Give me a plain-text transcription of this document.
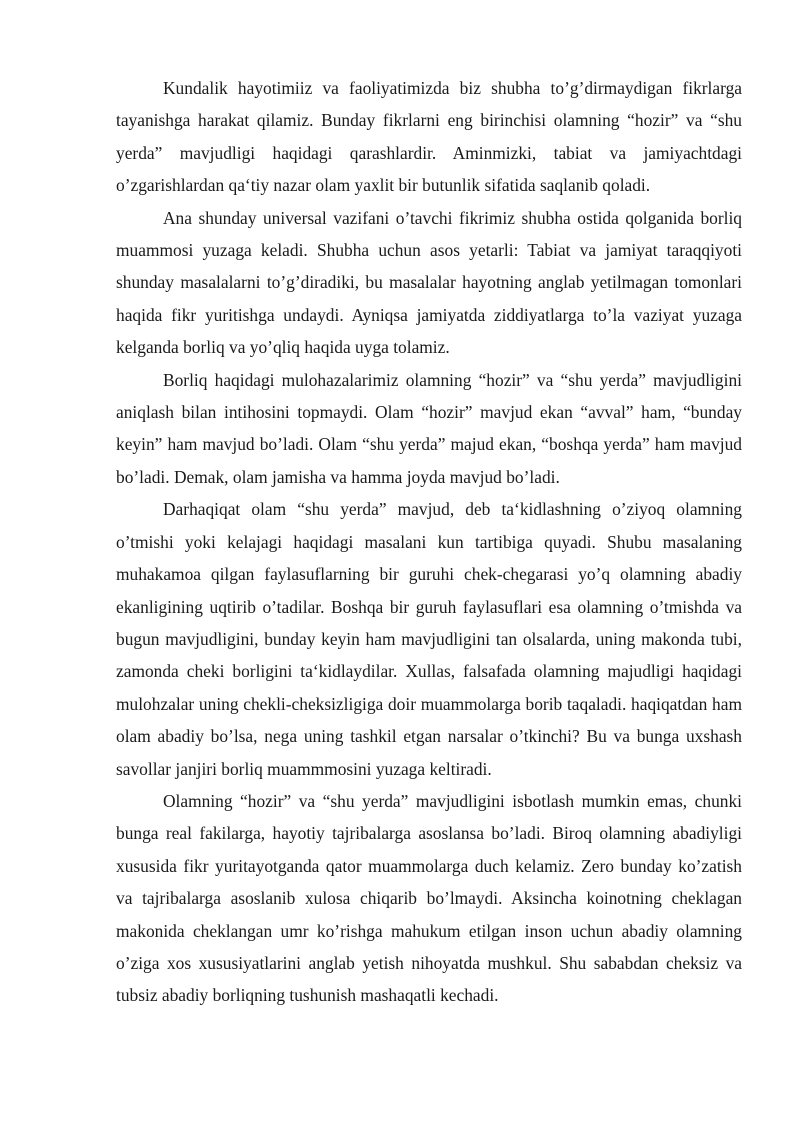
Kundalik hayotimiiz va faoliyatimizda biz shubha to’g’dirmaydigan fikrlarga tayanishga harakat qilamiz. Bunday fikrlarni eng birinchisi olamning “hozir” va “shu yerda” mavjudligi haqidagi qarashlardir. Aminmizki, tabiat va jamiyachtdagi o’zgarishlardan qa‘tiy nazar olam yaxlit bir butunlik sifatida saqlanib qoladi.

Ana shunday universal vazifani o’tavchi fikrimiz shubha ostida qolganida borliq muammosi yuzaga keladi. Shubha uchun asos yetarli: Tabiat va jamiyat taraqqiyoti shunday masalalarni to’g’diradiki, bu masalalar hayotning anglab yetilmagan tomonlari haqida fikr yuritishga undaydi. Ayniqsa jamiyatda ziddiyatlarga to’la vaziyat yuzaga kelganda borliq va yo’qliq haqida uyga tolamiz.

Borliq haqidagi mulohazalarimiz olamning “hozir” va “shu yerda” mavjudligini aniqlash bilan intihosini topmaydi. Olam “hozir” mavjud ekan “avval” ham, “bunday keyin” ham mavjud bo’ladi. Olam “shu yerda” majud ekan, “boshqa yerda” ham mavjud bo’ladi. Demak, olam jamisha va hamma joyda mavjud bo’ladi.

Darhaqiqat olam “shu yerda” mavjud, deb ta‘kidlashning o’ziyoq olamning o’tmishi yoki kelajagi haqidagi masalani kun tartibiga quyadi. Shubu masalaning muhakamoa qilgan faylasuflarning bir guruhi chek-chegarasi yo’q olamning abadiy ekanligining uqtirib o’tadilar. Boshqa bir guruh faylasuflari esa olamning o’tmishda va bugun mavjudligini, bunday keyin ham mavjudligini tan olsalarda, uning makonda tubi, zamonda cheki borligini ta‘kidlaydilar. Xullas, falsafada olamning majudligi haqidagi mulohzalar uning chekli-cheksizligiga doir muammolarga borib taqaladi. haqiqatdan ham olam abadiy bo’lsa, nega uning tashkil etgan narsalar o’tkinchi? Bu va bunga uxshash savollar janjiri borliq muammmosini yuzaga keltiradi.

Olamning “hozir” va “shu yerda” mavjudligini isbotlash mumkin emas, chunki bunga real fakilarga, hayotiy tajribalarga asoslansa bo’ladi. Biroq olamning abadiyligi xususida fikr yuritayotganda qator muammolarga duch kelamiz. Zero bunday ko’zatish va tajribalarga asoslanib xulosa chiqarib bo’lmaydi. Aksincha koinotning cheklagan makonida cheklangan umr ko’rishga mahukum etilgan inson uchun abadiy olamning o’ziga xos xususiyatlarini anglab yetish nihoyatda mushkul. Shu sababdan cheksiz va tubsiz abadiy borliqning tushunish mashaqatli kechadi.
